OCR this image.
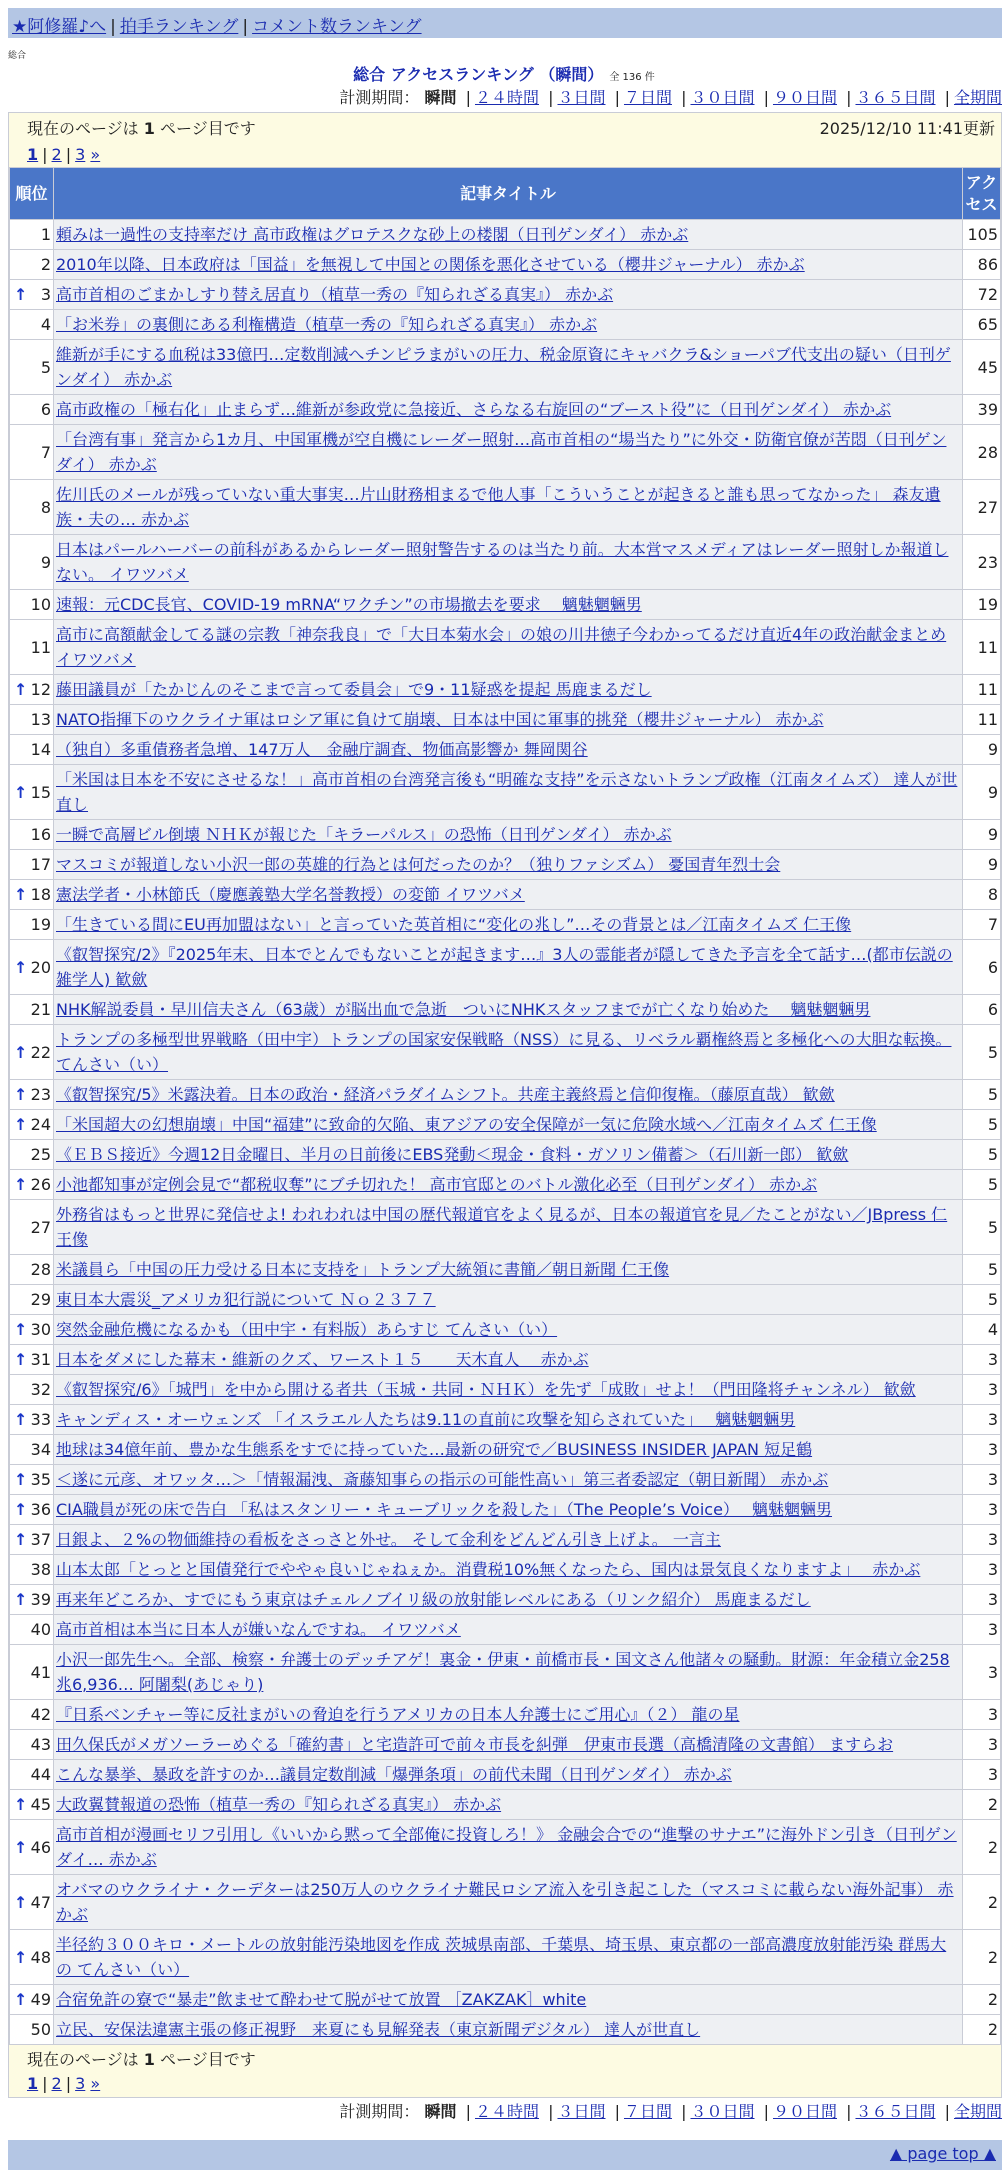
★阿修羅♪へ | 拍手ランキング | コメント数ランキング
総合
総合 アクセスランキング （瞬間） 全 136 件
計測期間： 瞬間 | ２４時間 | ３日間 | ７日間 | ３０日間 | ９０日間 | ３６５日間 | 全期間
現在のページは 1 ページ目です	2025/12/10 11:41更新
1 | 2 | 3 »
順位	記事タイトル	アクセス
1	頼みは一過性の支持率だけ 高市政権はグロテスクな砂上の楼閣（日刊ゲンダイ） 赤かぶ	105
2	2010年以降、日本政府は「国益」を無視して中国との関係を悪化させている（櫻井ジャーナル） 赤かぶ	86

↑ 3	高市首相のごまかしすり替え居直り（植草一秀の『知られざる真実』） 赤かぶ	72
4	「お米券」の裏側にある利権構造（植草一秀の『知られざる真実』） 赤かぶ	65
5	維新が手にする血税は33億円…定数削減へチンピラまがいの圧力、税金原資にキャバクラ&ショーパブ代支出の疑い（日刊ゲンダイ） 赤かぶ	45
6	高市政権の「極右化」止まらず…維新が参政党に急接近、さらなる右旋回の“ブースト役”に（日刊ゲンダイ） 赤かぶ	39
7	「台湾有事」発言から1カ月、中国軍機が空自機にレーダー照射…高市首相の“場当たり”に外交・防衛官僚が苦悶（日刊ゲンダイ） 赤かぶ	28
8	佐川氏のメールが残っていない重大事実…片山財務相まるで他人事「こういうことが起きると誰も思ってなかった」 森友遺族・夫の… 赤かぶ	27
9	日本はパールハーバーの前科があるからレーダー照射警告するのは当たり前。大本営マスメディアはレーダー照射しか報道しない。 イワツバメ	23
10	速報：元CDC長官、COVID-19 mRNA“ワクチン”の市場撤去を要求　 魑魅魍魎男	19
11	高市に高額献金してる謎の宗教「神奈我良」で「大日本菊水会」の娘の川井徳子今わかってるだけ直近4年の政治献金まとめ イワツバメ	11

↑ 12	藤田議員が「たかじんのそこまで言って委員会」で9・11疑惑を提起 馬鹿まるだし	11
13	NATO指揮下のウクライナ軍はロシア軍に負けて崩壊、日本は中国に軍事的挑発（櫻井ジャーナル） 赤かぶ	11
14	（独自）多重債務者急増、147万人　金融庁調査、物価高影響か 舞岡関谷	9

↑ 15	「米国は日本を不安にさせるな！」高市首相の台湾発言後も“明確な支持”を示さないトランプ政権（江南タイムズ） 達人が世直し	9
16	一瞬で高層ビル倒壊 ＮＨＫが報じた「キラーパルス」の恐怖（日刊ゲンダイ） 赤かぶ	9
17	マスコミが報道しない小沢一郎の英雄的行為とは何だったのか？（独りファシズム） 憂国青年烈士会	9

↑ 18	憲法学者・小林節氏（慶應義塾大学名誉教授）の変節 イワツバメ	8
19	「生きている間にEU再加盟はない」と言っていた英首相に“変化の兆し”…その背景とは／江南タイムズ 仁王像	7

↑ 20	《叡智探究/2》『2025年末、日本でとんでもないことが起きます…』3人の霊能者が隠してきた予言を全て話す…(都市伝説の雑学人) 歓歛	6
21	NHK解説委員・早川信夫さん（63歳）が脳出血で急逝　ついにNHKスタッフまでが亡くなり始めた　 魑魅魍魎男	6

↑ 22	トランプの多極型世界戦略（田中宇）トランプの国家安保戦略（NSS）に見る、リベラル覇権終焉と多極化への大胆な転換。 てんさい（い）	5

↑ 23	《叡智探究/5》米露決着。日本の政治・経済パラダイムシフト。共産主義終焉と信仰復権。（藤原直哉） 歓歛	5

↑ 24	「米国超大の幻想崩壊」中国“福建”に致命的欠陥、東アジアの安全保障が一気に危険水域へ／江南タイムズ 仁王像	5
25	《ＥＢＳ接近》今週12日金曜日、半月の日前後にEBS発動＜現金・食料・ガソリン備蓄＞（石川新一郎） 歓歛	5

↑ 26	小池都知事が定例会見で“都税収奪”にブチ切れた！ 高市官邸とのバトル激化必至（日刊ゲンダイ） 赤かぶ	5
27	外務省はもっと世界に発信せよ! われわれは中国の歴代報道官をよく見るが、日本の報道官を見／たことがない／JBpress 仁王像	5
28	米議員ら「中国の圧力受ける日本に支持を」トランプ大統領に書簡／朝日新聞 仁王像	5
29	東日本大震災_アメリカ犯行説について Ｎｏ２３７７	5

↑ 30	突然金融危機になるかも（田中宇・有料版）あらすじ てんさい（い）	4

↑ 31	日本をダメにした幕末・維新のクズ、ワースト１５　　天木直人　 赤かぶ	3
32	《叡智探究/6》「城門」を中から開ける者共（玉城・共同・ＮＨＫ）を先ず「成敗」せよ！（門田隆将チャンネル） 歓歛	3

↑ 33	キャンディス・オーウェンズ 「イスラエル人たちは9.11の直前に攻撃を知らされていた」　 魑魅魍魎男	3
34	地球は34億年前、豊かな生態系をすでに持っていた…最新の研究で／BUSINESS INSIDER JAPAN 短足鶴	3

↑ 35	＜遂に元彦、オワッタ…＞「情報漏洩、斎藤知事らの指示の可能性高い」第三者委認定（朝日新聞） 赤かぶ	3

↑ 36	CIA職員が死の床で告白 「私はスタンリー・キューブリックを殺した」（The People’s Voice）　 魑魅魍魎男	3

↑ 37	日銀よ、２%の物価維持の看板をさっさと外せ。 そして金利をどんどん引き上げよ。 一言主	3
38	山本太郎「とっとと国債発行でややゃ良いじゃねぇか。消費税10%無くなったら、国内は景気良くなりますよ」　 赤かぶ	3

↑ 39	再来年どころか、すでにもう東京はチェルノブイリ級の放射能レベルにある（リンク紹介） 馬鹿まるだし	3
40	高市首相は本当に日本人が嫌いなんですね。 イワツバメ	3
41	小沢一郎先生へ。全部、検察・弁護士のデッチアゲ！裏金・伊東・前橋市長・国文さん他諸々の騒動。財源：年金積立金258兆6,936… 阿闍梨(あじゃり)	3
42	『日系ベンチャー等に反社まがいの脅迫を行うアメリカの日本人弁護士にご用心』（２） 龍の星	3
43	田久保氏がメガソーラーめぐる「確約書」と宅造許可で前々市長を糾弾　伊東市長選（高橋清隆の文書館） ますらお	3
44	こんな暴挙、暴政を許すのか…議員定数削減「爆弾条項」の前代未聞（日刊ゲンダイ） 赤かぶ	3

↑ 45	大政翼賛報道の恐怖（植草一秀の『知られざる真実』） 赤かぶ	2

↑ 46	高市首相が漫画セリフ引用し《いいから黙って全部俺に投資しろ！》 金融会合での“進撃のサナエ”に海外ドン引き（日刊ゲンダイ… 赤かぶ	2

↑ 47	オバマのウクライナ・クーデターは250万人のウクライナ難民ロシア流入を引き起こした（マスコミに載らない海外記事） 赤かぶ	2

↑ 48	半径約３００キロ・メートルの放射能汚染地図を作成 茨城県南部、千葉県、埼玉県、東京都の一部高濃度放射能汚染 群馬大の てんさい（い）	2

↑ 49	合宿免許の寮で“暴走”飲ませて酔わせて脱がせて放置 ［ZAKZAK］white	2
50	立民、安保法違憲主張の修正視野　来夏にも見解発表（東京新聞デジタル） 達人が世直し	2
現在のページは 1 ページ目です
1 | 2 | 3 »
計測期間： 瞬間 | ２４時間 | ３日間 | ７日間 | ３０日間 | ９０日間 | ３６５日間 | 全期間
▲ page top ▲
